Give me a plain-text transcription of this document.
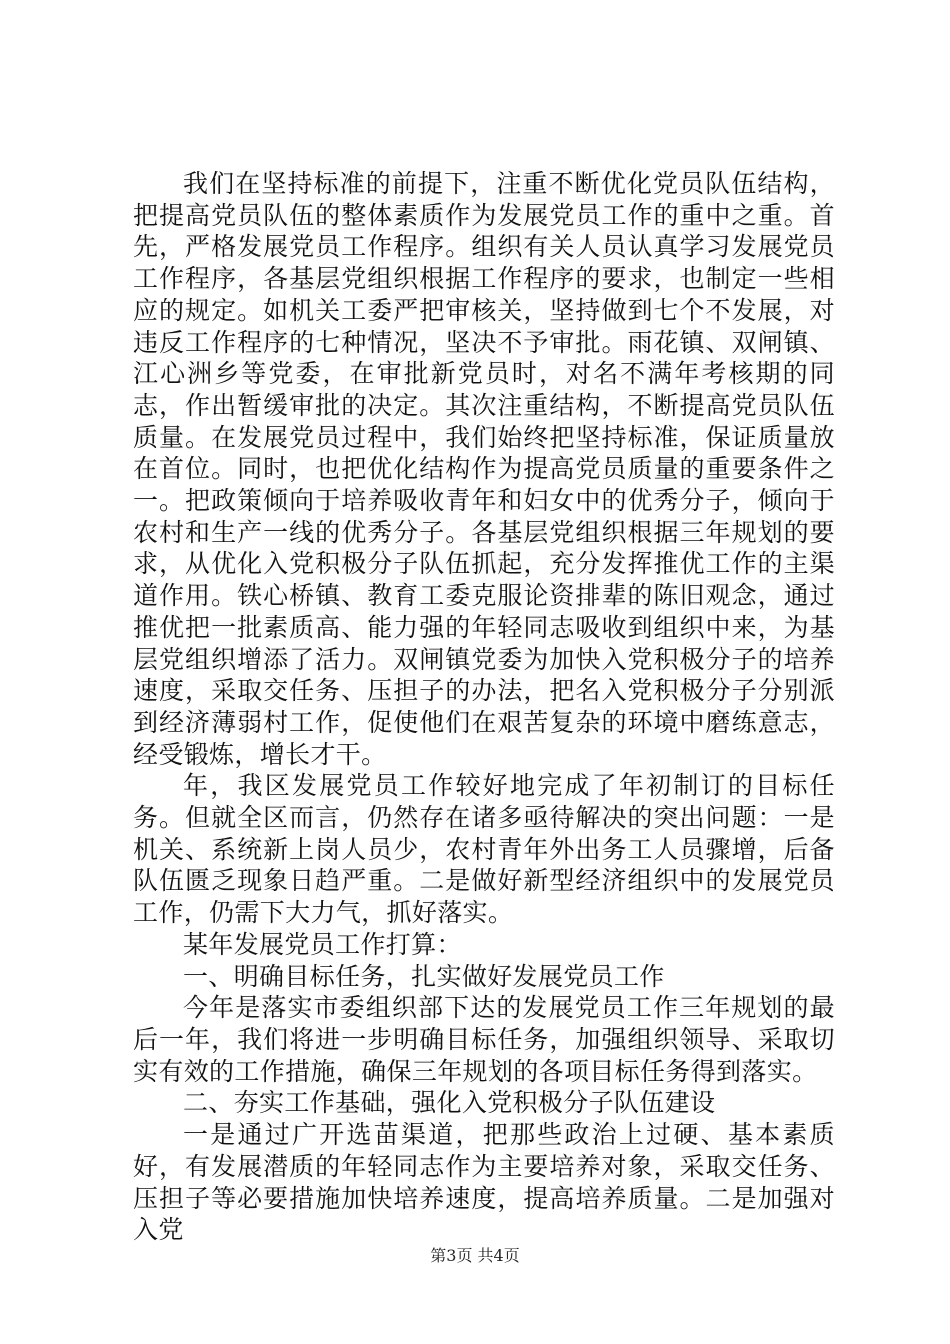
我们在坚持标准的前提下，注重不断优化党员队伍结构，把提高党员队伍的整体素质作为发展党员工作的重中之重。首先，严格发展党员工作程序。组织有关人员认真学习发展党员工作程序，各基层党组织根据工作程序的要求，也制定一些相应的规定。如机关工委严把审核关，坚持做到七个不发展，对违反工作程序的七种情况，坚决不予审批。雨花镇、双闸镇、江心洲乡等党委，在审批新党员时，对名不满年考核期的同志，作出暂缓审批的决定。其次注重结构，不断提高党员队伍质量。在发展党员过程中，我们始终把坚持标准，保证质量放在首位。同时，也把优化结构作为提高党员质量的重要条件之一。把政策倾向于培养吸收青年和妇女中的优秀分子，倾向于农村和生产一线的优秀分子。各基层党组织根据三年规划的要求，从优化入党积极分子队伍抓起，充分发挥推优工作的主渠道作用。铁心桥镇、教育工委克服论资排辈的陈旧观念，通过推优把一批素质高、能力强的年轻同志吸收到组织中来，为基层党组织增添了活力。双闸镇党委为加快入党积极分子的培养速度，采取交任务、压担子的办法，把名入党积极分子分别派到经济薄弱村工作，促使他们在艰苦复杂的环境中磨练意志，经受锻炼，增长才干。

年，我区发展党员工作较好地完成了年初制订的目标任务。但就全区而言，仍然存在诸多亟待解决的突出问题：一是机关、系统新上岗人员少，农村青年外出务工人员骤增，后备队伍匮乏现象日趋严重。二是做好新型经济组织中的发展党员工作，仍需下大力气，抓好落实。

某年发展党员工作打算：

一、明确目标任务，扎实做好发展党员工作

今年是落实市委组织部下达的发展党员工作三年规划的最后一年，我们将进一步明确目标任务，加强组织领导、采取切实有效的工作措施，确保三年规划的各项目标任务得到落实。

二、夯实工作基础，强化入党积极分子队伍建设

一是通过广开选苗渠道，把那些政治上过硬、基本素质好，有发展潜质的年轻同志作为主要培养对象，采取交任务、压担子等必要措施加快培养速度，提高培养质量。二是加强对入党

第3页 共4页
